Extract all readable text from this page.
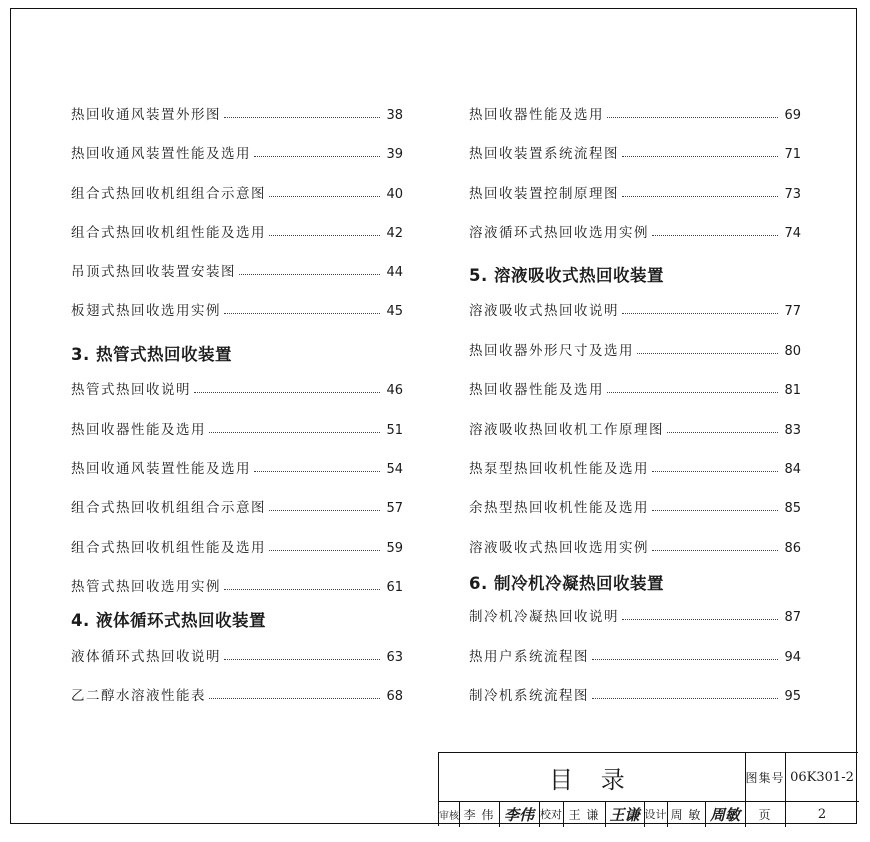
热回收通风装置外形图	38
热回收通风装置性能及选用	39
组合式热回收机组组合示意图	40
组合式热回收机组性能及选用	42
吊顶式热回收装置安装图	44
板翅式热回收选用实例	45
3. 热管式热回收装置
热管式热回收说明	46
热回收器性能及选用	51
热回收通风装置性能及选用	54
组合式热回收机组组合示意图	57
组合式热回收机组性能及选用	59
热管式热回收选用实例	61
4. 液体循环式热回收装置
液体循环式热回收说明	63
乙二醇水溶液性能表	68
热回收器性能及选用	69
热回收装置系统流程图	71
热回收装置控制原理图	73
溶液循环式热回收选用实例	74
5. 溶液吸收式热回收装置
溶液吸收式热回收说明	77
热回收器外形尺寸及选用	80
热回收器性能及选用	81
溶液吸收热回收机工作原理图	83
热泵型热回收机性能及选用	84
余热型热回收机性能及选用	85
溶液吸收式热回收选用实例	86
6. 制冷机冷凝热回收装置
制冷机冷凝热回收说明	87
热用户系统流程图	94
制冷机系统流程图	95
目 录	图集号 06K301-2
审核 李 伟 李伟 校对 王 谦 王谦 设计 周 敏 周敏	页	2
